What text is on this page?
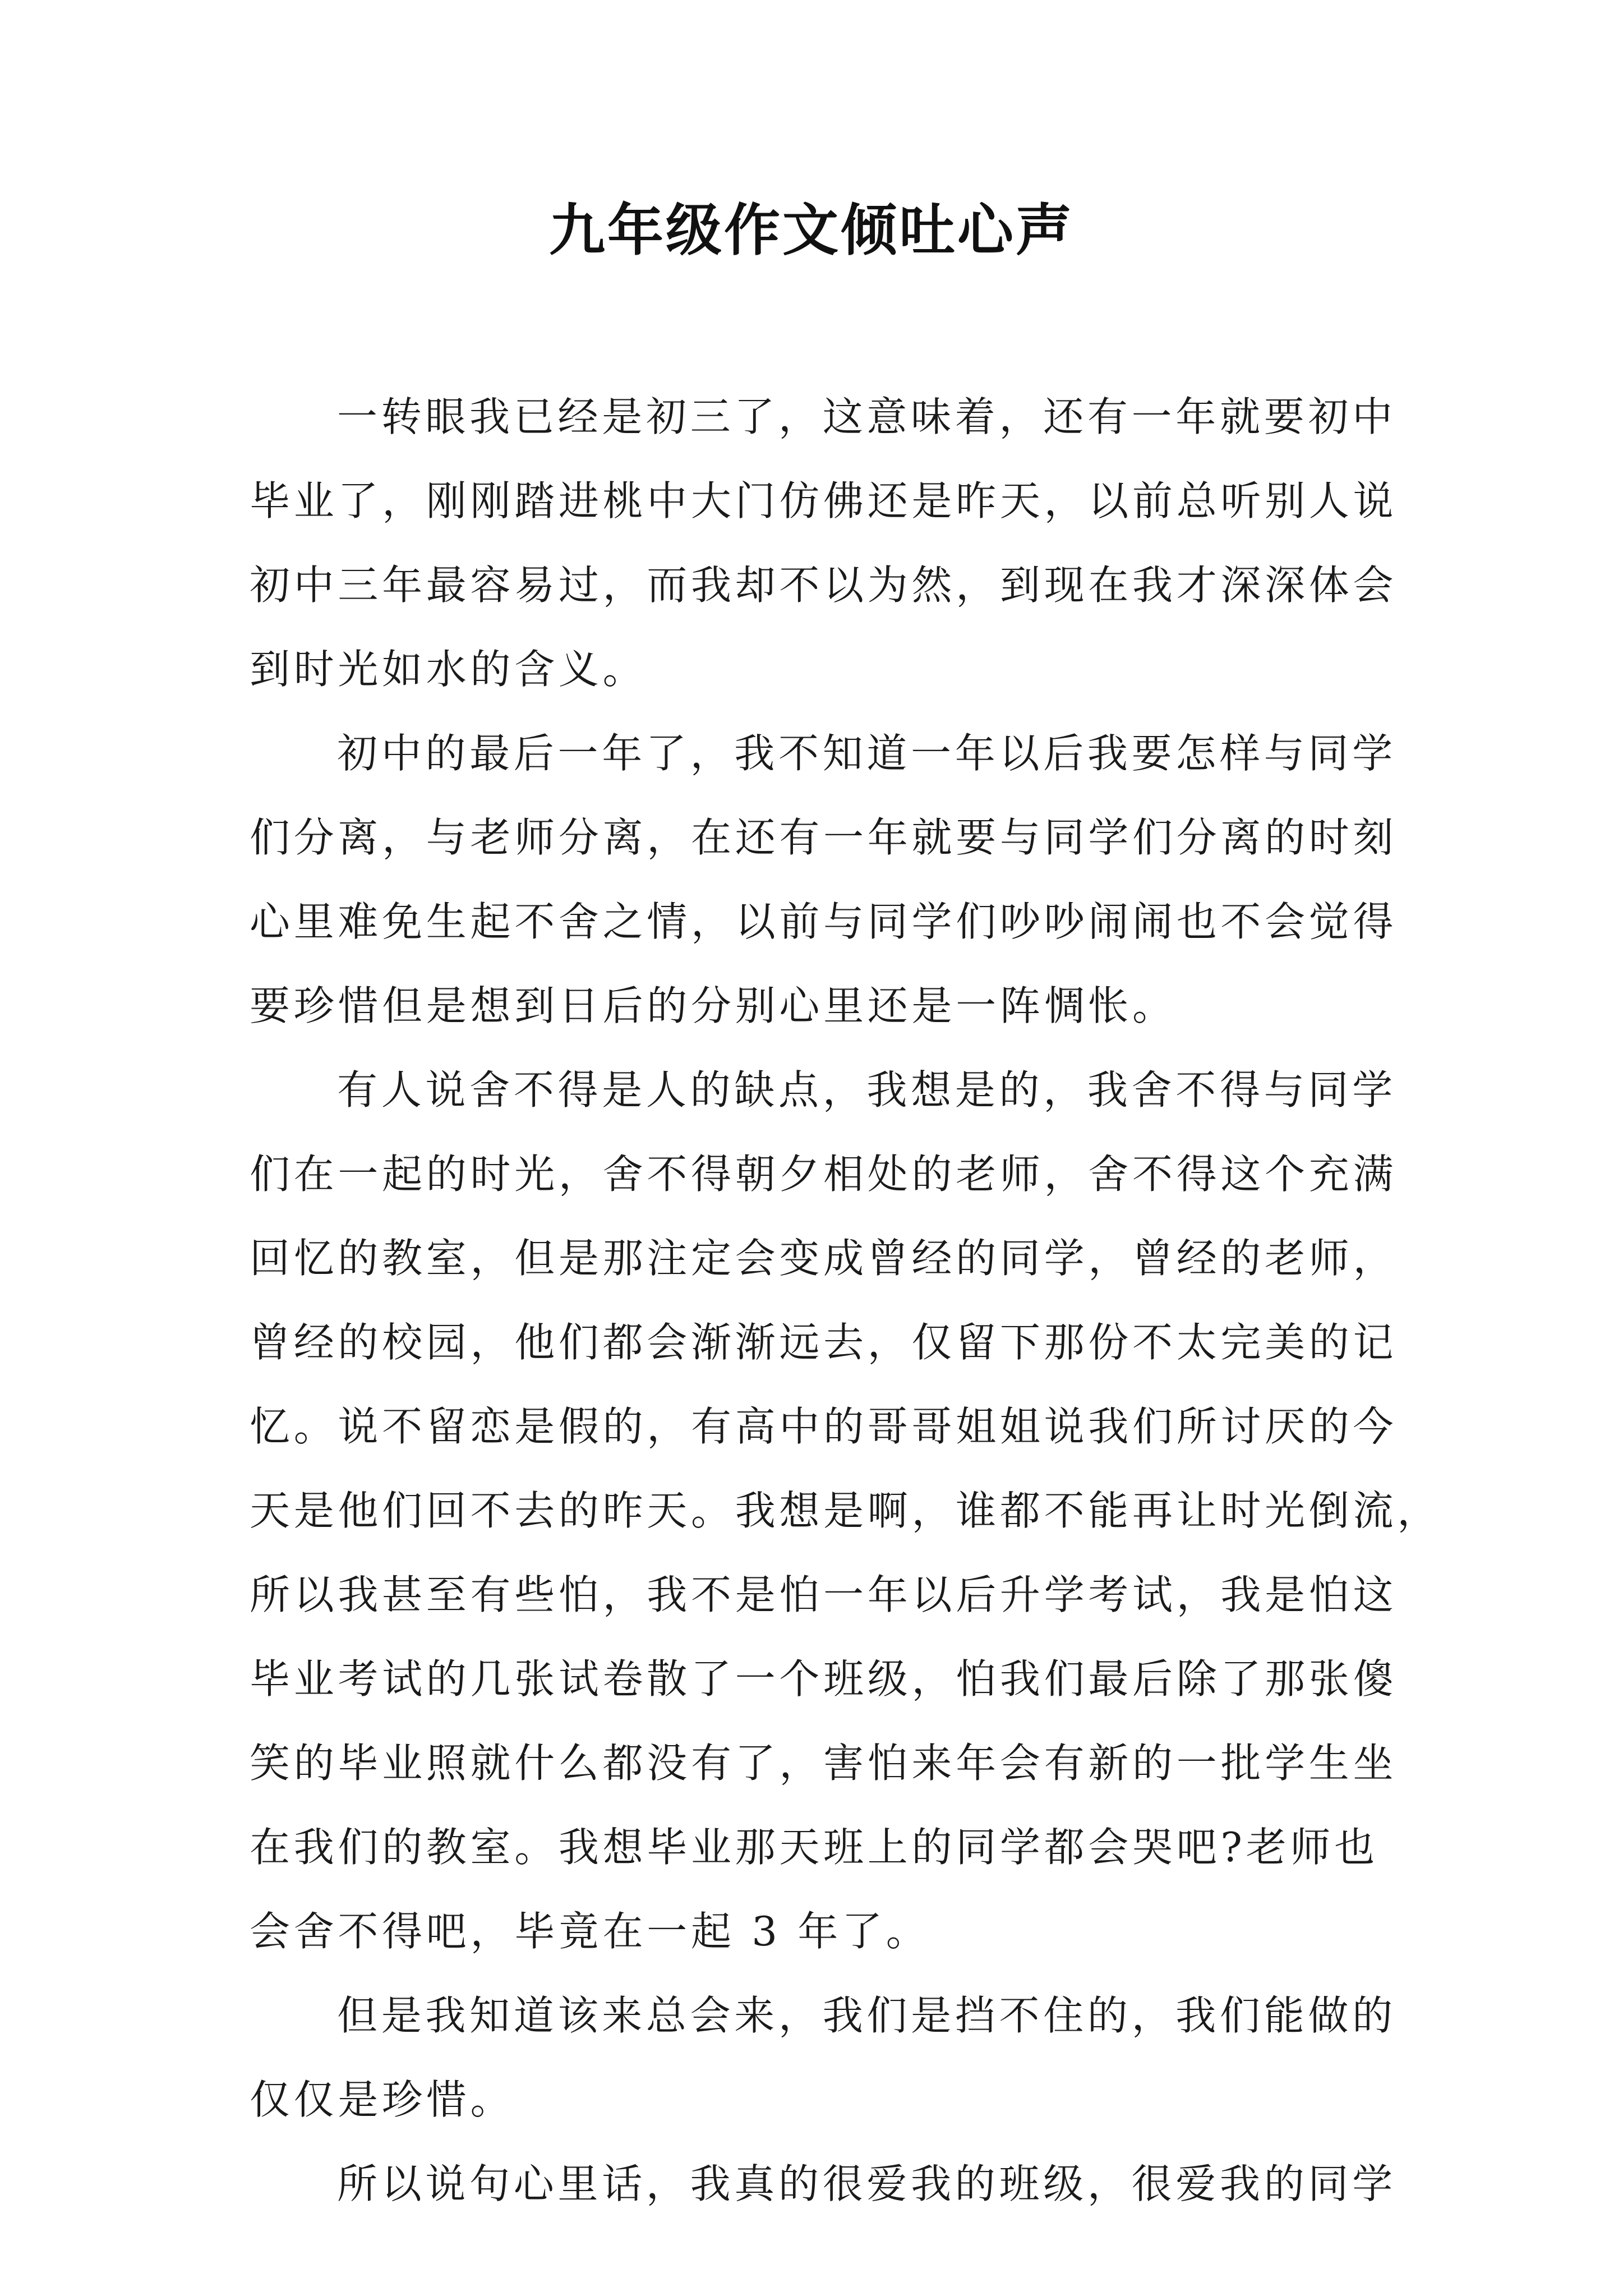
九年级作文倾吐心声

一转眼我已经是初三了，这意味着，还有一年就要初中
毕业了，刚刚踏进桃中大门仿佛还是昨天，以前总听别人说
初中三年最容易过，而我却不以为然，到现在我才深深体会
到时光如水的含义。

初中的最后一年了，我不知道一年以后我要怎样与同学
们分离，与老师分离，在还有一年就要与同学们分离的时刻
心里难免生起不舍之情，以前与同学们吵吵闹闹也不会觉得
要珍惜但是想到日后的分别心里还是一阵惆怅。

有人说舍不得是人的缺点，我想是的，我舍不得与同学
们在一起的时光，舍不得朝夕相处的老师，舍不得这个充满
回忆的教室，但是那注定会变成曾经的同学，曾经的老师，
曾经的校园，他们都会渐渐远去，仅留下那份不太完美的记
忆。说不留恋是假的，有高中的哥哥姐姐说我们所讨厌的今
天是他们回不去的昨天。我想是啊，谁都不能再让时光倒流，
所以我甚至有些怕，我不是怕一年以后升学考试，我是怕这
毕业考试的几张试卷散了一个班级，怕我们最后除了那张傻
笑的毕业照就什么都没有了，害怕来年会有新的一批学生坐
在我们的教室。我想毕业那天班上的同学都会哭吧?老师也
会舍不得吧，毕竟在一起 3 年了。

但是我知道该来总会来，我们是挡不住的，我们能做的
仅仅是珍惜。

所以说句心里话，我真的很爱我的班级，很爱我的同学
